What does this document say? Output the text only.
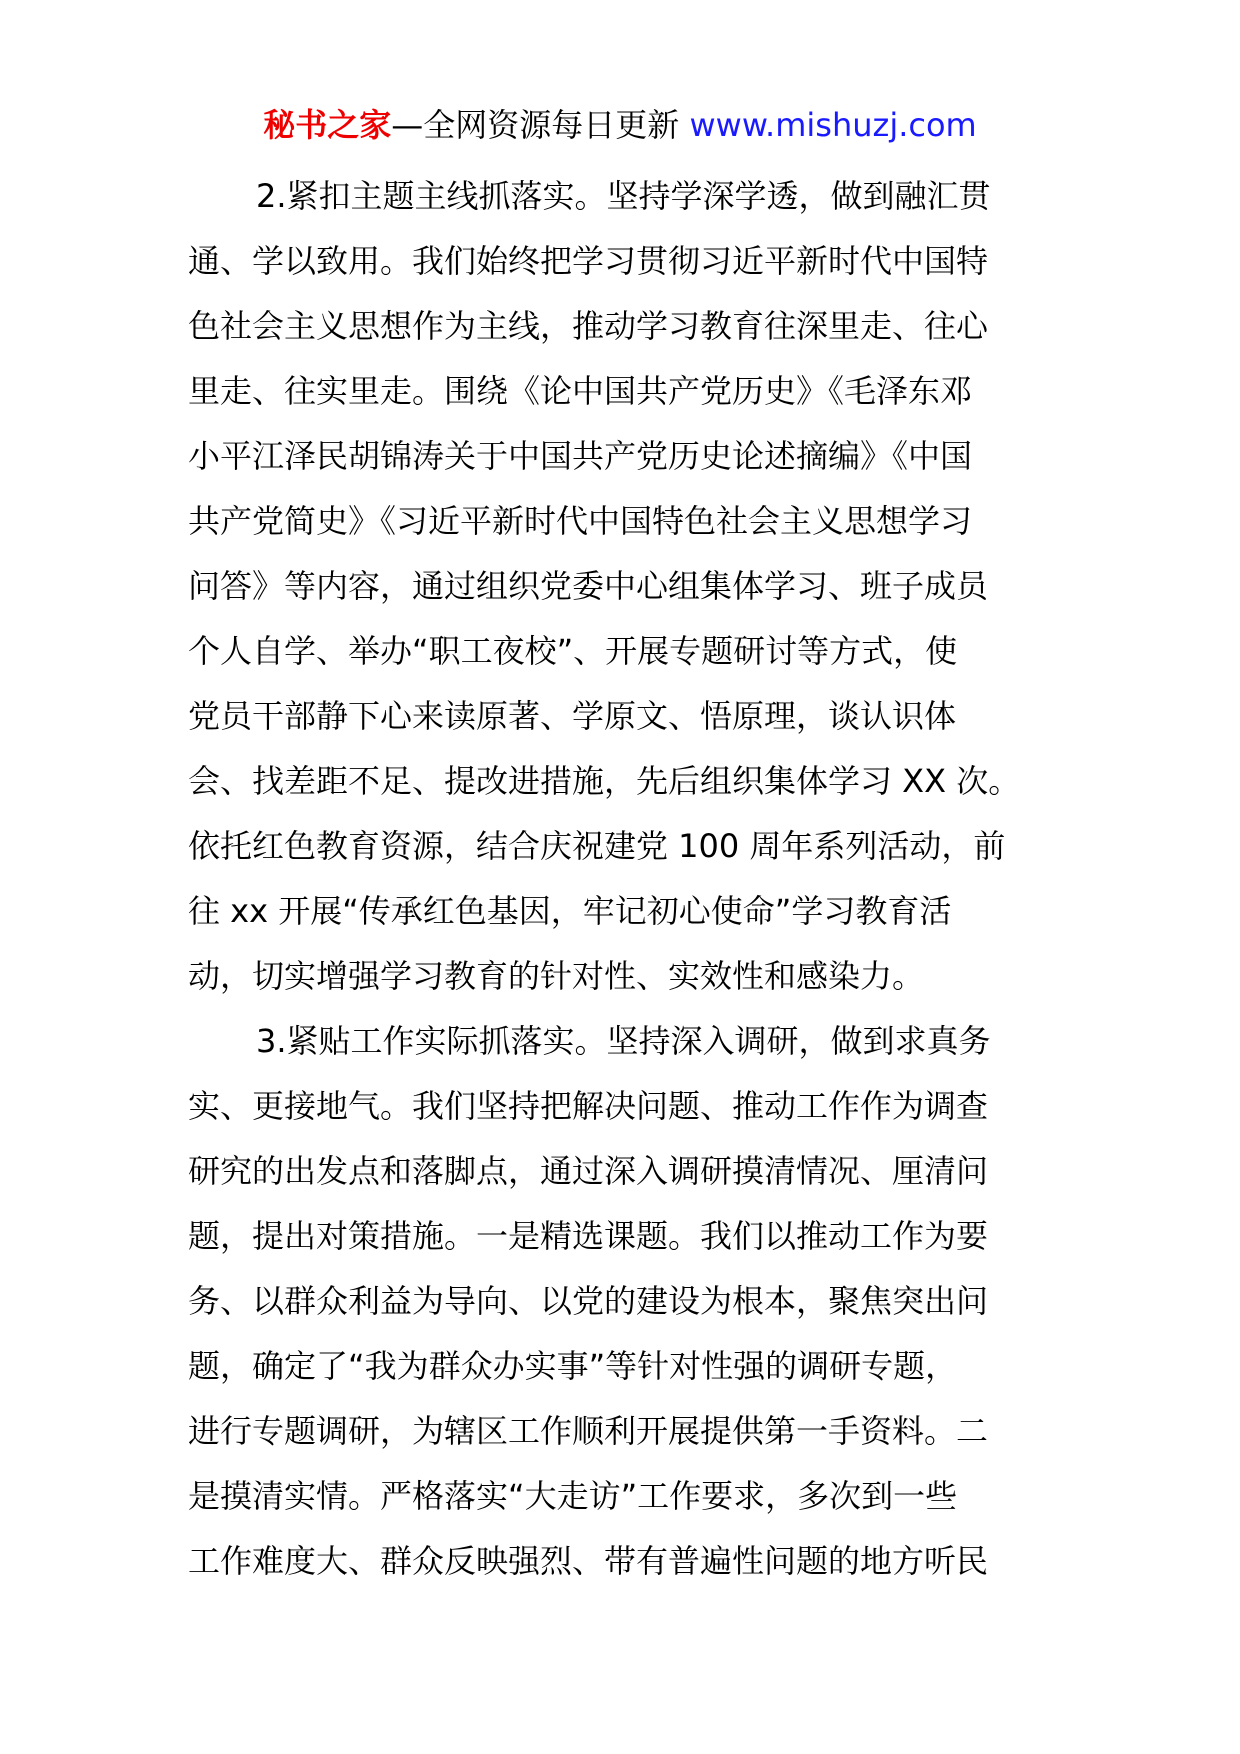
秘书之家—全网资源每日更新 www.mishuzj.com
2.紧扣主题主线抓落实。坚持学深学透，做到融汇贯
通、学以致用。我们始终把学习贯彻习近平新时代中国特
色社会主义思想作为主线，推动学习教育往深里走、往心
里走、往实里走。围绕《论中国共产党历史》《毛泽东邓
小平江泽民胡锦涛关于中国共产党历史论述摘编》《中国
共产党简史》《习近平新时代中国特色社会主义思想学习
问答》等内容，通过组织党委中心组集体学习、班子成员
个人自学、举办“职工夜校”、开展专题研讨等方式，使
党员干部静下心来读原著、学原文、悟原理，谈认识体
会、找差距不足、提改进措施，先后组织集体学习 XX 次。
依托红色教育资源，结合庆祝建党 100 周年系列活动，前
往 xx 开展“传承红色基因，牢记初心使命”学习教育活
动，切实增强学习教育的针对性、实效性和感染力。
3.紧贴工作实际抓落实。坚持深入调研，做到求真务
实、更接地气。我们坚持把解决问题、推动工作作为调查
研究的出发点和落脚点，通过深入调研摸清情况、厘清问
题，提出对策措施。一是精选课题。我们以推动工作为要
务、以群众利益为导向、以党的建设为根本，聚焦突出问
题，确定了“我为群众办实事”等针对性强的调研专题，
进行专题调研，为辖区工作顺利开展提供第一手资料。二
是摸清实情。严格落实“大走访”工作要求，多次到一些
工作难度大、群众反映强烈、带有普遍性问题的地方听民
